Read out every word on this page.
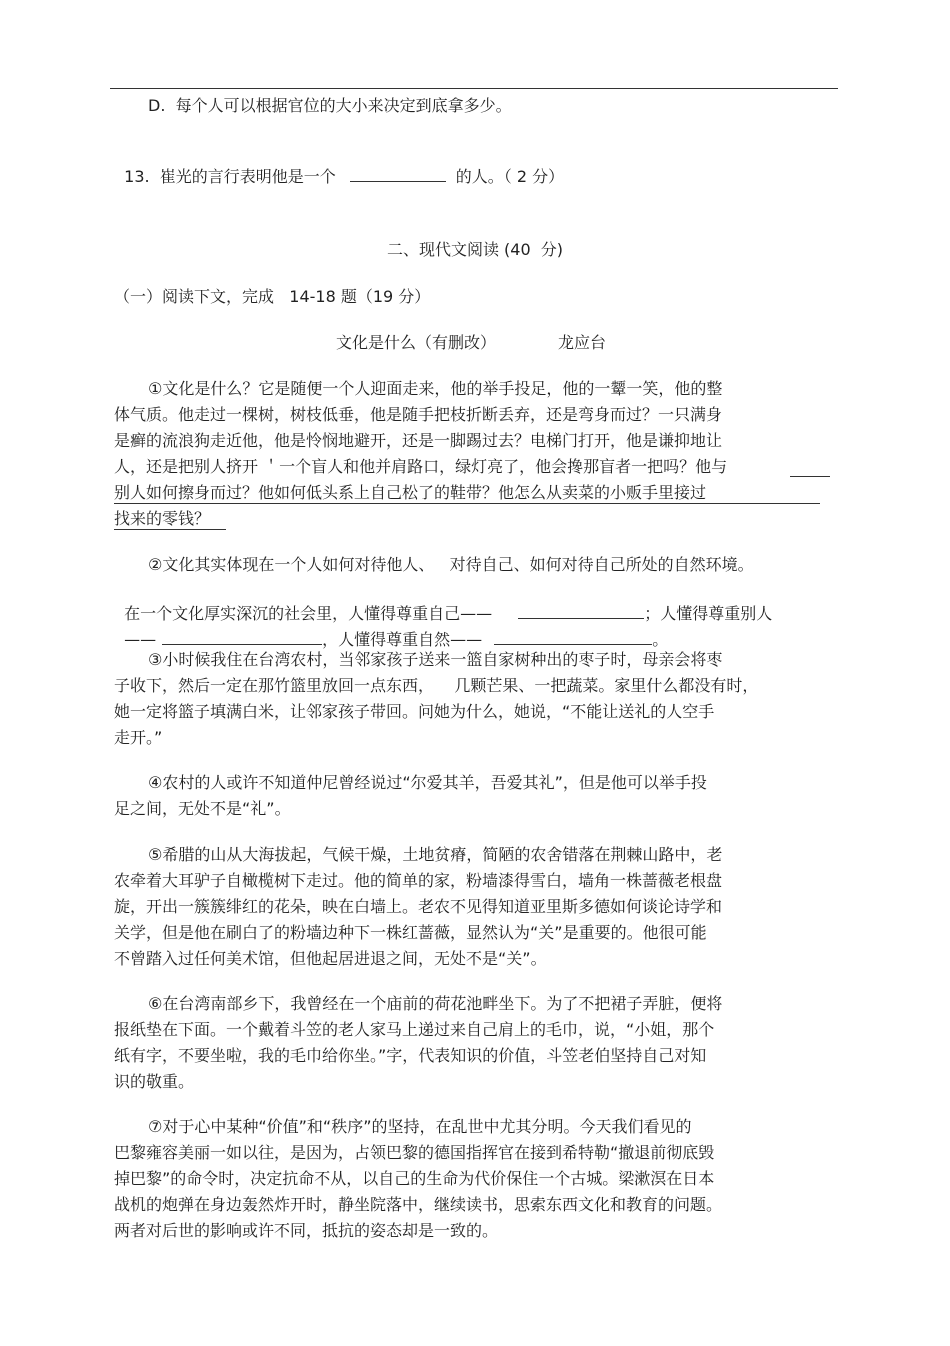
D.  每个人可以根据官位的大小来决定到底拿多少。

13.  崔光的言行表明他是一个	的人。（ 2 分）

二、现代文阅读 (40  分)
（一）阅读下文，完成   14-18 题（19 分）
文化是什么（有删改）	龙应台
①文化是什么？它是随便一个人迎面走来，他的举手投足，他的一颦一笑，他的整
体气质。他走过一棵树，树枝低垂，他是随手把枝折断丢弃，还是弯身而过？一只满身
是癣的流浪狗走近他，他是怜悯地避开，还是一脚踢过去？电梯门打开，他是谦抑地让
人，还是把别人挤开 ＇一个盲人和他并肩路口，绿灯亮了，他会搀那盲者一把吗？他与
别人如何擦身而过？他如何低头系上自己松了的鞋带？他怎么从卖菜的小贩手里接过
找来的零钱？
②文化其实体现在一个人如何对待他人、   对待自己、如何对待自己所处的自然环境。

在一个文化厚实深沉的社会里，人懂得尊重自己——	；人懂得尊重别人

——	，人懂得尊重自然——	。

③小时候我住在台湾农村，当邻家孩子送来一篮自家树种出的枣子时，母亲会将枣
子收下，然后一定在那竹篮里放回一点东西，    几颗芒果、一把蔬菜。家里什么都没有时，
她一定将篮子填满白米，让邻家孩子带回。问她为什么，她说，“不能让送礼的人空手
走开。”
④农村的人或许不知道仲尼曾经说过“尔爱其羊，吾爱其礼”，但是他可以举手投
足之间，无处不是“礼”。
⑤希腊的山从大海拔起，气候干燥，土地贫瘠，简陋的农舍错落在荆棘山路中，老
农牵着大耳驴子自橄榄树下走过。他的简单的家，粉墙漆得雪白，墙角一株蔷薇老根盘
旋，开出一簇簇绯红的花朵，映在白墙上。老农不见得知道亚里斯多德如何谈论诗学和
关学，但是他在刷白了的粉墙边种下一株红蔷薇，显然认为“关”是重要的。他很可能
不曾踏入过任何美术馆，但他起居进退之间，无处不是“关”。
⑥在台湾南部乡下，我曾经在一个庙前的荷花池畔坐下。为了不把裙子弄脏，便将
报纸垫在下面。一个戴着斗笠的老人家马上递过来自己肩上的毛巾，说，“小姐，那个
纸有字，不要坐啦，我的毛巾给你坐。”字，代表知识的价值，斗笠老伯坚持自己对知
识的敬重。
⑦对于心中某种“价值”和“秩序”的坚持，在乱世中尤其分明。今天我们看见的
巴黎雍容美丽一如以往，是因为，占领巴黎的德国指挥官在接到希特勒“撤退前彻底毁
掉巴黎”的命令时，决定抗命不从，以自己的生命为代价保住一个古城。梁漱溟在日本
战机的炮弹在身边轰然炸开时，静坐院落中，继续读书，思索东西文化和教育的问题。
两者对后世的影响或许不同，抵抗的姿态却是一致的。
